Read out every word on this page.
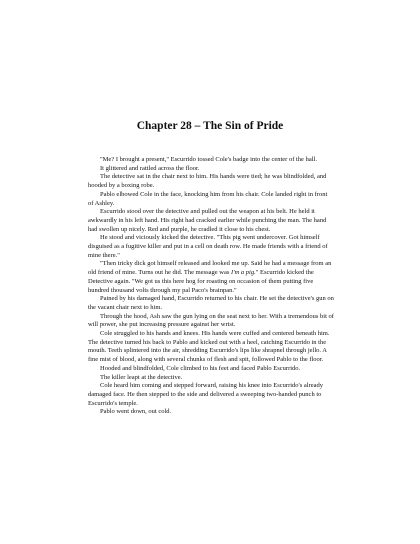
Chapter 28 – The Sin of Pride

"Me? I brought a present," Escurrido tossed Cole's badge into the center of the hall.

It glittered and rattled across the floor.

The detective sat in the chair next to him. His hands were tied; he was blindfolded, and hooded by a boxing robe.

Pablo elbowed Cole in the face, knocking him from his chair. Cole landed right in front of Ashley.

Escurrido stood over the detective and pulled out the weapon at his belt. He held it awkwardly in his left hand. His right had cracked earlier while punching the man. The hand had swollen up nicely. Red and purple, he cradled it close to his chest.

He stood and viciously kicked the detective. "This pig went undercover. Got himself disguised as a fugitive killer and put in a cell on death row. He made friends with a friend of mine there."

"Then tricky dick got himself released and looked me up. Said he had a message from an old friend of mine. Turns out he did. The message was I'm a pig." Escurrido kicked the Detective again. "We got us this here hog for roasting on occasion of them putting five hundred thousand volts through my pal Paco's brainpan."

Pained by his damaged hand, Escurrido returned to his chair. He set the detective's gun on the vacant chair next to him.

Through the hood, Ash saw the gun lying on the seat next to her. With a tremendous bit of will power, she put increasing pressure against her wrist.

Cole struggled to his hands and knees. His hands were cuffed and centered beneath him. The detective turned his back to Pablo and kicked out with a heel, catching Escurrido in the mouth. Teeth splintered into the air, shredding Escurrido's lips like shrapnel through jello. A fine mist of blood, along with several chunks of flesh and spit, followed Pablo to the floor.

Hooded and blindfolded, Cole climbed to his feet and faced Pablo Escurrido.

The killer leapt at the detective.

Cole heard him coming and stepped forward, raising his knee into Escurrido's already damaged face. He then stepped to the side and delivered a sweeping two-handed punch to Escurrido's temple.

Pablo went down, out cold.
